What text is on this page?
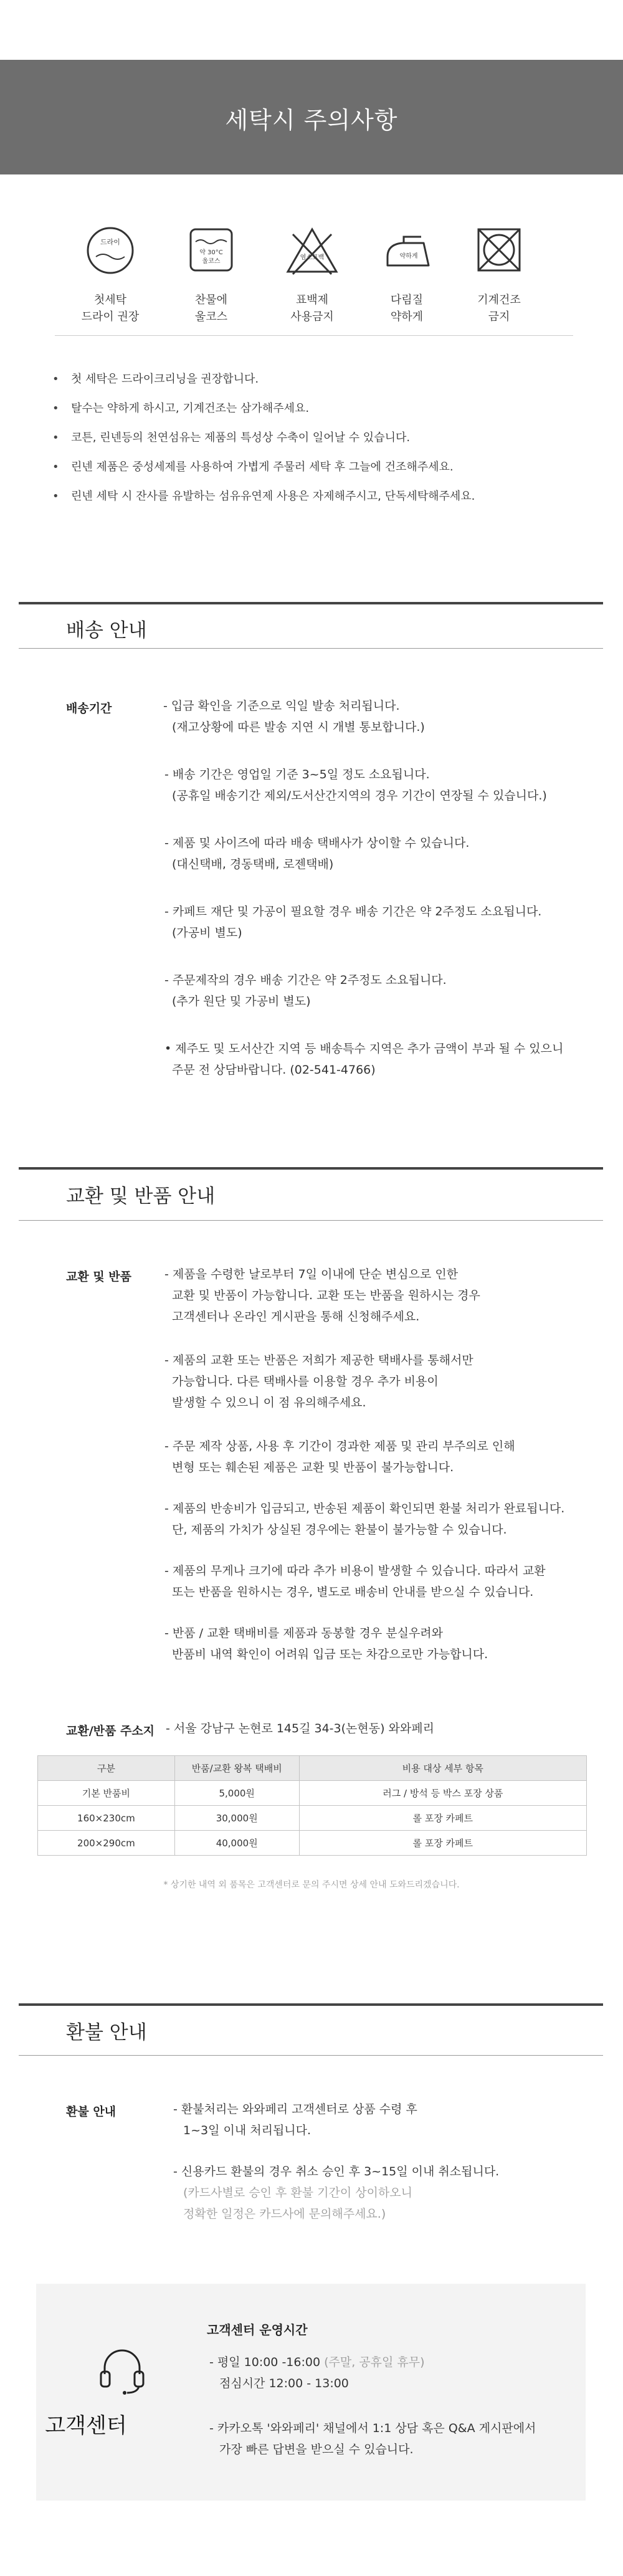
세탁시 주의사항
드라이
첫세탁
드라이 권장
약 30°C
울코스
찬물에
울코스
염소표백
표백제
사용금지
약하게
다림질
약하게
기계건조
금지
• 첫 세탁은 드라이크리닝을 권장합니다.
• 탈수는 약하게 하시고, 기계건조는 삼가해주세요.
• 코튼, 린넨등의 천연섬유는 제품의 특성상 수축이 일어날 수 있습니다.
• 린넨 제품은 중성세제를 사용하여 가볍게 주물러 세탁 후 그늘에 건조해주세요.
• 린넨 세탁 시 잔사를 유발하는 섬유유연제 사용은 자제해주시고, 단독세탁해주세요.
배송 안내
배송기간	- 입금 확인을 기준으로 익일 발송 처리됩니다.
(재고상황에 따른 발송 지연 시 개별 통보합니다.)
- 배송 기간은 영업일 기준 3~5일 정도 소요됩니다.
(공휴일 배송기간 제외/도서산간지역의 경우 기간이 연장될 수 있습니다.)
- 제품 및 사이즈에 따라 배송 택배사가 상이할 수 있습니다.
(대신택배, 경동택배, 로젠택배)
- 카페트 재단 및 가공이 필요할 경우 배송 기간은 약 2주정도 소요됩니다.
(가공비 별도)
- 주문제작의 경우 배송 기간은 약 2주정도 소요됩니다.
(추가 원단 및 가공비 별도)
• 제주도 및 도서산간 지역 등 배송특수 지역은 추가 금액이 부과 될 수 있으니
주문 전 상담바랍니다. (02-541-4766)
교환 및 반품 안내
교환 및 반품	- 제품을 수령한 날로부터 7일 이내에 단순 변심으로 인한
교환 및 반품이 가능합니다. 교환 또는 반품을 원하시는 경우
고객센터나 온라인 게시판을 통해 신청해주세요.
- 제품의 교환 또는 반품은 저희가 제공한 택배사를 통해서만
가능합니다. 다른 택배사를 이용할 경우 추가 비용이
발생할 수 있으니 이 점 유의해주세요.
- 주문 제작 상품, 사용 후 기간이 경과한 제품 및 관리 부주의로 인해
변형 또는 훼손된 제품은 교환 및 반품이 불가능합니다.
- 제품의 반송비가 입금되고, 반송된 제품이 확인되면 환불 처리가 완료됩니다.
단, 제품의 가치가 상실된 경우에는 환불이 불가능할 수 있습니다.
- 제품의 무게나 크기에 따라 추가 비용이 발생할 수 있습니다. 따라서 교환
또는 반품을 원하시는 경우, 별도로 배송비 안내를 받으실 수 있습니다.
- 반품 / 교환 택배비를 제품과 동봉할 경우 분실우려와
반품비 내역 확인이 어려워 입금 또는 차감으로만 가능합니다.
교환/반품 주소지 - 서울 강남구 논현로 145길 34-3(논현동) 와와페리
구분	반품/교환 왕복 택배비	비용 대상 세부 항목
기본 반품비	5,000원	러그 / 방석 등 박스 포장 상품
160×230cm	30,000원	롤 포장 카페트
200×290cm	40,000원	롤 포장 카페트
* 상기한 내역 외 품목은 고객센터로 문의 주시면 상세 안내 도와드리겠습니다.
환불 안내
환불 안내	- 환불처리는 와와페리 고객센터로 상품 수령 후
1~3일 이내 처리됩니다.
- 신용카드 환불의 경우 취소 승인 후 3~15일 이내 취소됩니다.
(카드사별로 승인 후 환불 기간이 상이하오니
정확한 일정은 카드사에 문의해주세요.)
고객센터
고객센터 운영시간
- 평일 10:00 -16:00 (주말, 공휴일 휴무)
점심시간 12:00 - 13:00
- 카카오톡 '와와페리' 채널에서 1:1 상담 혹은 Q&A 게시판에서
가장 빠른 답변을 받으실 수 있습니다.
